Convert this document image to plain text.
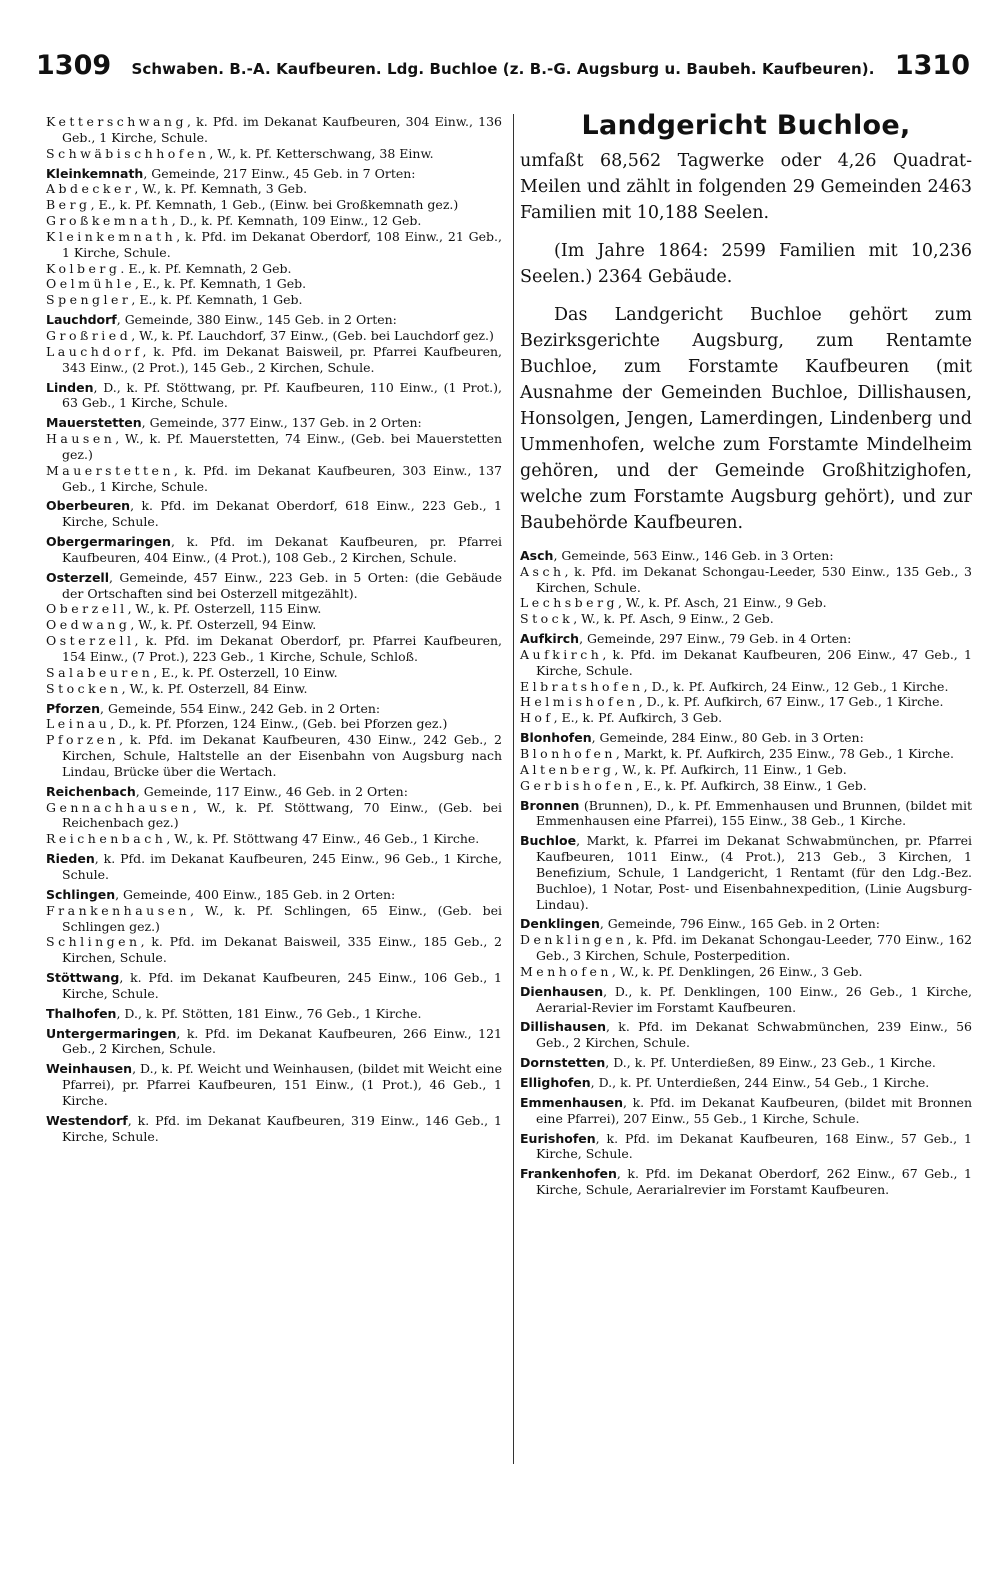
1309 Schwaben. B.-A. Kaufbeuren. Ldg. Buchloe (z. B.-G. Augsburg u. Baubeh. Kaufbeuren). 1310

Ketterschwang, k. Pfd. im Dekanat Kaufbeuren, 304 Einw., 136 Geb., 1 Kirche, Schule.

Schwäbischhofen, W., k. Pf. Ketterschwang, 38 Einw.

Kleinkemnath, Gemeinde, 217 Einw., 45 Geb. in 7 Orten:

Abdecker, W., k. Pf. Kemnath, 3 Geb.

Berg, E., k. Pf. Kemnath, 1 Geb., (Einw. bei Großkemnath gez.)

Großkemnath, D., k. Pf. Kemnath, 109 Einw., 12 Geb.

Kleinkemnath, k. Pfd. im Dekanat Oberdorf, 108 Einw., 21 Geb., 1 Kirche, Schule.

Kolberg. E., k. Pf. Kemnath, 2 Geb.

Oelmühle, E., k. Pf. Kemnath, 1 Geb.

Spengler, E., k. Pf. Kemnath, 1 Geb.

Lauchdorf, Gemeinde, 380 Einw., 145 Geb. in 2 Orten:

Großried, W., k. Pf. Lauchdorf, 37 Einw., (Geb. bei Lauchdorf gez.)

Lauchdorf, k. Pfd. im Dekanat Baisweil, pr. Pfarrei Kaufbeuren, 343 Einw., (2 Prot.), 145 Geb., 2 Kirchen, Schule.

Linden, D., k. Pf. Stöttwang, pr. Pf. Kaufbeuren, 110 Einw., (1 Prot.), 63 Geb., 1 Kirche, Schule.

Mauerstetten, Gemeinde, 377 Einw., 137 Geb. in 2 Orten:

Hausen, W., k. Pf. Mauerstetten, 74 Einw., (Geb. bei Mauerstetten gez.)

Mauerstetten, k. Pfd. im Dekanat Kaufbeuren, 303 Einw., 137 Geb., 1 Kirche, Schule.

Oberbeuren, k. Pfd. im Dekanat Oberdorf, 618 Einw., 223 Geb., 1 Kirche, Schule.

Obergermaringen, k. Pfd. im Dekanat Kaufbeuren, pr. Pfarrei Kaufbeuren, 404 Einw., (4 Prot.), 108 Geb., 2 Kirchen, Schule.

Osterzell, Gemeinde, 457 Einw., 223 Geb. in 5 Orten: (die Gebäude der Ortschaften sind bei Osterzell mitgezählt).

Oberzell, W., k. Pf. Osterzell, 115 Einw.

Oedwang, W., k. Pf. Osterzell, 94 Einw.

Osterzell, k. Pfd. im Dekanat Oberdorf, pr. Pfarrei Kaufbeuren, 154 Einw., (7 Prot.), 223 Geb., 1 Kirche, Schule, Schloß.

Salabeuren, E., k. Pf. Osterzell, 10 Einw.

Stocken, W., k. Pf. Osterzell, 84 Einw.

Pforzen, Gemeinde, 554 Einw., 242 Geb. in 2 Orten:

Leinau, D., k. Pf. Pforzen, 124 Einw., (Geb. bei Pforzen gez.)

Pforzen, k. Pfd. im Dekanat Kaufbeuren, 430 Einw., 242 Geb., 2 Kirchen, Schule, Haltstelle an der Eisenbahn von Augsburg nach Lindau, Brücke über die Wertach.

Reichenbach, Gemeinde, 117 Einw., 46 Geb. in 2 Orten:

Gennachhausen, W., k. Pf. Stöttwang, 70 Einw., (Geb. bei Reichenbach gez.)

Reichenbach, W., k. Pf. Stöttwang 47 Einw., 46 Geb., 1 Kirche.

Rieden, k. Pfd. im Dekanat Kaufbeuren, 245 Einw., 96 Geb., 1 Kirche, Schule.

Schlingen, Gemeinde, 400 Einw., 185 Geb. in 2 Orten:

Frankenhausen, W., k. Pf. Schlingen, 65 Einw., (Geb. bei Schlingen gez.)

Schlingen, k. Pfd. im Dekanat Baisweil, 335 Einw., 185 Geb., 2 Kirchen, Schule.

Stöttwang, k. Pfd. im Dekanat Kaufbeuren, 245 Einw., 106 Geb., 1 Kirche, Schule.

Thalhofen, D., k. Pf. Stötten, 181 Einw., 76 Geb., 1 Kirche.

Untergermaringen, k. Pfd. im Dekanat Kaufbeuren, 266 Einw., 121 Geb., 2 Kirchen, Schule.

Weinhausen, D., k. Pf. Weicht und Weinhausen, (bildet mit Weicht eine Pfarrei), pr. Pfarrei Kaufbeuren, 151 Einw., (1 Prot.), 46 Geb., 1 Kirche.

Westendorf, k. Pfd. im Dekanat Kaufbeuren, 319 Einw., 146 Geb., 1 Kirche, Schule.

Landgericht Buchloe,

umfaßt 68,562 Tagwerke oder 4,26 Quadrat-Meilen und zählt in folgenden 29 Gemeinden 2463 Familien mit 10,188 Seelen.

(Im Jahre 1864: 2599 Familien mit 10,236 Seelen.) 2364 Gebäude.

Das Landgericht Buchloe gehört zum Bezirksgerichte Augsburg, zum Rentamte Buchloe, zum Forstamte Kaufbeuren (mit Ausnahme der Gemeinden Buchloe, Dillishausen, Honsolgen, Jengen, Lamerdingen, Lindenberg und Ummenhofen, welche zum Forstamte Mindelheim gehören, und der Gemeinde Großhitzighofen, welche zum Forstamte Augsburg gehört), und zur Baubehörde Kaufbeuren.

Asch, Gemeinde, 563 Einw., 146 Geb. in 3 Orten:

Asch, k. Pfd. im Dekanat Schongau-Leeder, 530 Einw., 135 Geb., 3 Kirchen, Schule.

Lechsberg, W., k. Pf. Asch, 21 Einw., 9 Geb.

Stock, W., k. Pf. Asch, 9 Einw., 2 Geb.

Aufkirch, Gemeinde, 297 Einw., 79 Geb. in 4 Orten:

Aufkirch, k. Pfd. im Dekanat Kaufbeuren, 206 Einw., 47 Geb., 1 Kirche, Schule.

Elbratshofen, D., k. Pf. Aufkirch, 24 Einw., 12 Geb., 1 Kirche.

Helmishofen, D., k. Pf. Aufkirch, 67 Einw., 17 Geb., 1 Kirche.

Hof, E., k. Pf. Aufkirch, 3 Geb.

Blonhofen, Gemeinde, 284 Einw., 80 Geb. in 3 Orten:

Blonhofen, Markt, k. Pf. Aufkirch, 235 Einw., 78 Geb., 1 Kirche.

Altenberg, W., k. Pf. Aufkirch, 11 Einw., 1 Geb.

Gerbishofen, E., k. Pf. Aufkirch, 38 Einw., 1 Geb.

Bronnen (Brunnen), D., k. Pf. Emmenhausen und Brunnen, (bildet mit Emmenhausen eine Pfarrei), 155 Einw., 38 Geb., 1 Kirche.

Buchloe, Markt, k. Pfarrei im Dekanat Schwabmünchen, pr. Pfarrei Kaufbeuren, 1011 Einw., (4 Prot.), 213 Geb., 3 Kirchen, 1 Benefizium, Schule, 1 Landgericht, 1 Rentamt (für den Ldg.-Bez. Buchloe), 1 Notar, Post- und Eisenbahnexpedition, (Linie Augsburg-Lindau).

Denklingen, Gemeinde, 796 Einw., 165 Geb. in 2 Orten:

Denklingen, k. Pfd. im Dekanat Schongau-Leeder, 770 Einw., 162 Geb., 3 Kirchen, Schule, Posterpedition.

Menhofen, W., k. Pf. Denklingen, 26 Einw., 3 Geb.

Dienhausen, D., k. Pf. Denklingen, 100 Einw., 26 Geb., 1 Kirche, Aerarial-Revier im Forstamt Kaufbeuren.

Dillishausen, k. Pfd. im Dekanat Schwabmünchen, 239 Einw., 56 Geb., 2 Kirchen, Schule.

Dornstetten, D., k. Pf. Unterdießen, 89 Einw., 23 Geb., 1 Kirche.

Ellighofen, D., k. Pf. Unterdießen, 244 Einw., 54 Geb., 1 Kirche.

Emmenhausen, k. Pfd. im Dekanat Kaufbeuren, (bildet mit Bronnen eine Pfarrei), 207 Einw., 55 Geb., 1 Kirche, Schule.

Eurishofen, k. Pfd. im Dekanat Kaufbeuren, 168 Einw., 57 Geb., 1 Kirche, Schule.

Frankenhofen, k. Pfd. im Dekanat Oberdorf, 262 Einw., 67 Geb., 1 Kirche, Schule, Aerarialrevier im Forstamt Kaufbeuren.
